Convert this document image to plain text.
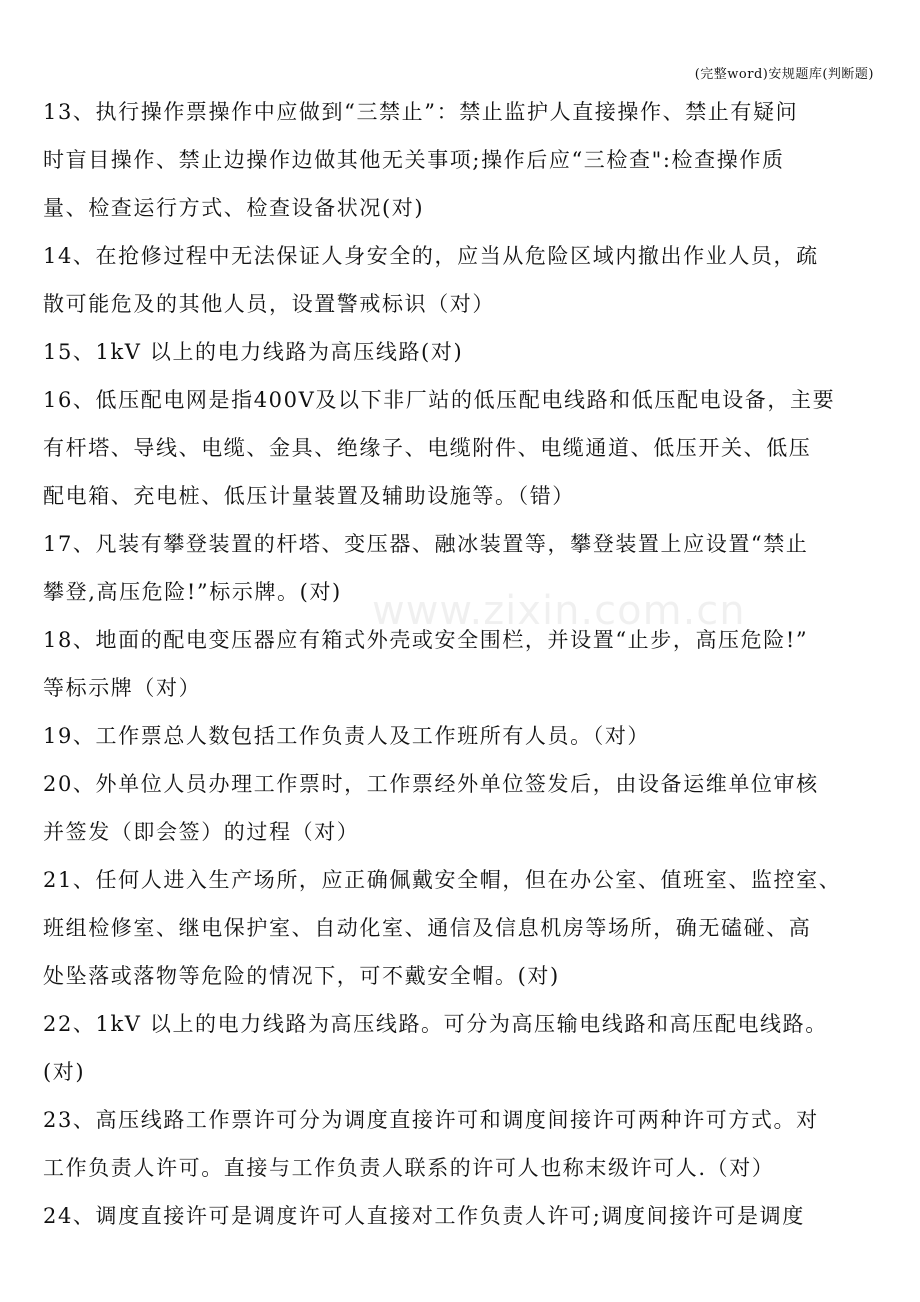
(完整word)安规题库(判断题)
www.zixin.com.cn
13、执行操作票操作中应做到“三禁止”：禁止监护人直接操作、禁止有疑问
时盲目操作、禁止边操作边做其他无关事项;操作后应“三检查":检查操作质
量、检查运行方式、检查设备状况(对)
14、在抢修过程中无法保证人身安全的，应当从危险区域内撤出作业人员，疏
散可能危及的其他人员，设置警戒标识（对）
15、1kV 以上的电力线路为高压线路(对)
16、低压配电网是指400V及以下非厂站的低压配电线路和低压配电设备，主要
有杆塔、导线、电缆、金具、绝缘子、电缆附件、电缆通道、低压开关、低压
配电箱、充电桩、低压计量装置及辅助设施等。（错）
17、凡装有攀登装置的杆塔、变压器、融冰装置等，攀登装置上应设置“禁止
攀登,高压危险!”标示牌。(对)
18、地面的配电变压器应有箱式外壳或安全围栏，并设置“止步，高压危险!”
等标示牌（对）
19、工作票总人数包括工作负责人及工作班所有人员。（对）
20、外单位人员办理工作票时，工作票经外单位签发后，由设备运维单位审核
并签发（即会签）的过程（对）
21、任何人进入生产场所，应正确佩戴安全帽，但在办公室、值班室、监控室、
班组检修室、继电保护室、自动化室、通信及信息机房等场所，确无磕碰、高
处坠落或落物等危险的情况下，可不戴安全帽。(对)
22、1kV 以上的电力线路为高压线路。可分为高压输电线路和高压配电线路。
(对)
23、高压线路工作票许可分为调度直接许可和调度间接许可两种许可方式。对
工作负责人许可。直接与工作负责人联系的许可人也称末级许可人.（对）
24、调度直接许可是调度许可人直接对工作负责人许可;调度间接许可是调度
